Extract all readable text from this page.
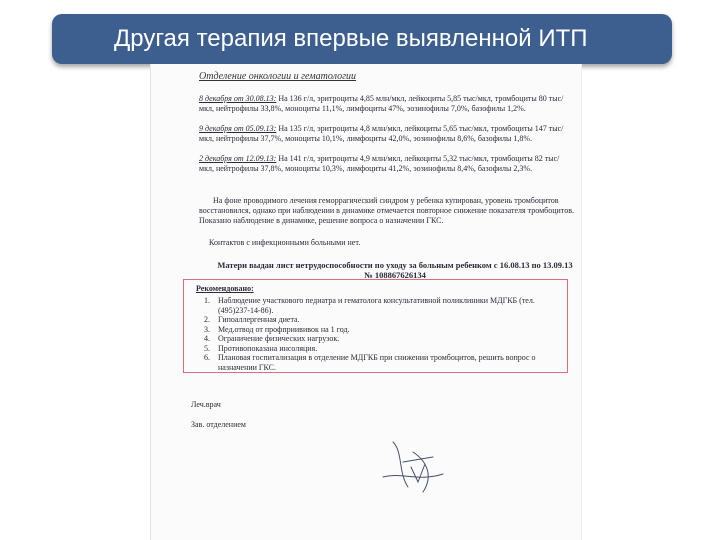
Другая терапия впервые выявленной ИТП
Отделение онкологии и гематологии

8 декабря от 30.08.13: На 136 г/л, эритроциты 4,85 млн/мкл, лейкоциты 5,85 тыс/мкл, тромбоциты 80 тыс/мкл, нейтрофилы 33,8%, моноциты 11,1%, лимфоциты 47%, эозинофилы 7,0%, базофилы 1,2%.

9 декабря от 05.09.13: На 135 г/л, эритроциты 4,8 млн/мкл, лейкоциты 5,65 тыс/мкл, тромбоциты 147 тыс/мкл, нейтрофилы 37,7%, моноциты 10,1%, лимфоциты 42,0%, эозинофилы 8,6%, базофилы 1,8%.

2 декабря от 12.09.13: На 141 г/л, эритроциты 4,9 млн/мкл, лейкоциты 5,32 тыс/мкл, тромбоциты 82 тыс/мкл, нейтрофилы 37,8%, моноциты 10,3%, лимфоциты 41,2%, эозинофилы 8,4%, базофилы 2,3%.

На фоне проводимого лечения геморрагический синдром у ребенка купирован, уровень тромбоцитов восстановился, однако при наблюдении в динамике отмечается повторное снижение показателя тромбоцитов. Показано наблюдение в динамике, решение вопроса о назначении ГКС.

Контактов с инфекционными больными нет.

Матери выдан лист нетрудоспособности по уходу за больным ребенком с 16.08.13 по 13.09.13 № 108867626134
Рекомендовано:
1. Наблюдение участкового педиатра и гематолога консультативной поликлиники МДГКБ (тел. (495)237-14-86).
2. Гипоаллергенная диета.
3. Мед.отвод от профприививок на 1 год.
4. Ограничение физических нагрузок.
5. Противопоказана инсоляция.
6. Плановая госпитализация в отделение МДГКБ при снижении тромбоцитов, решить вопрос о назначении ГКС.
Леч.врач
Зав. отделением
